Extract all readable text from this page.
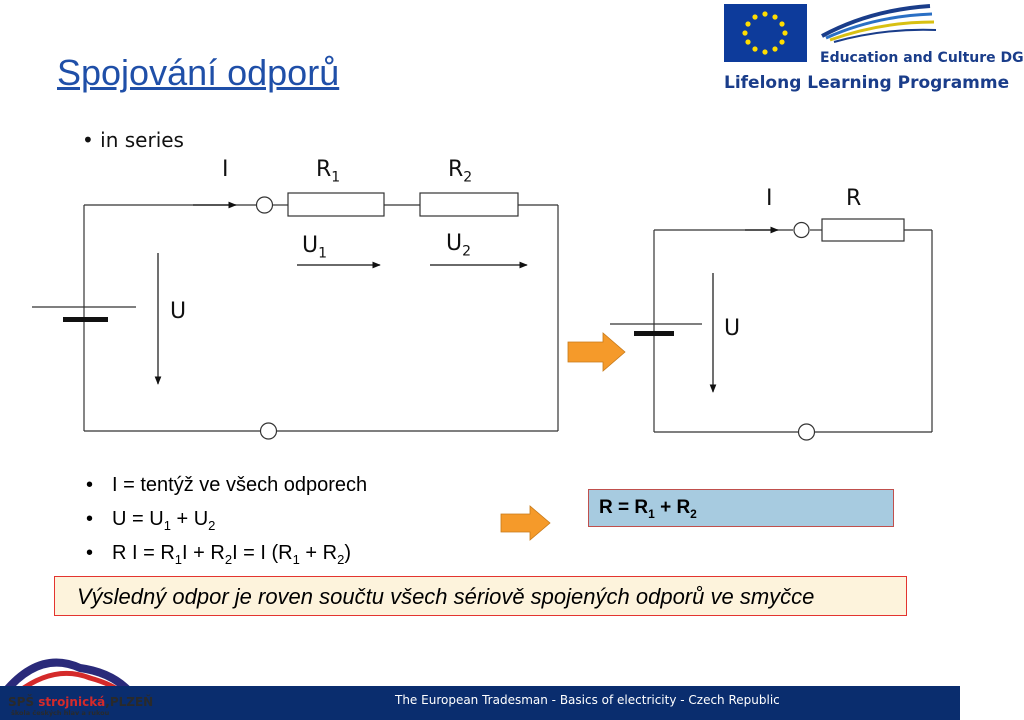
Spojování odporů
• in series
I	$R_1$	$R_2$
$U_1$	$U_2$
U
I	R
U
• I = tentýž ve všech odporech
• $U = U_1 + U_2$
• R $I = R_1I + R_2I = I$ $(R_1 + R_2)$
$R = R_1 + R_2$
Výsledný odpor je roven součtu všech sériově spojených odporů ve smyčce
The European Tradesman - Basics of electricity - Czech Republic
SPŠ strojnická,PLZEŇ
škola českých hlav a rukou
Education and Culture DG
Lifelong Learning Programme
